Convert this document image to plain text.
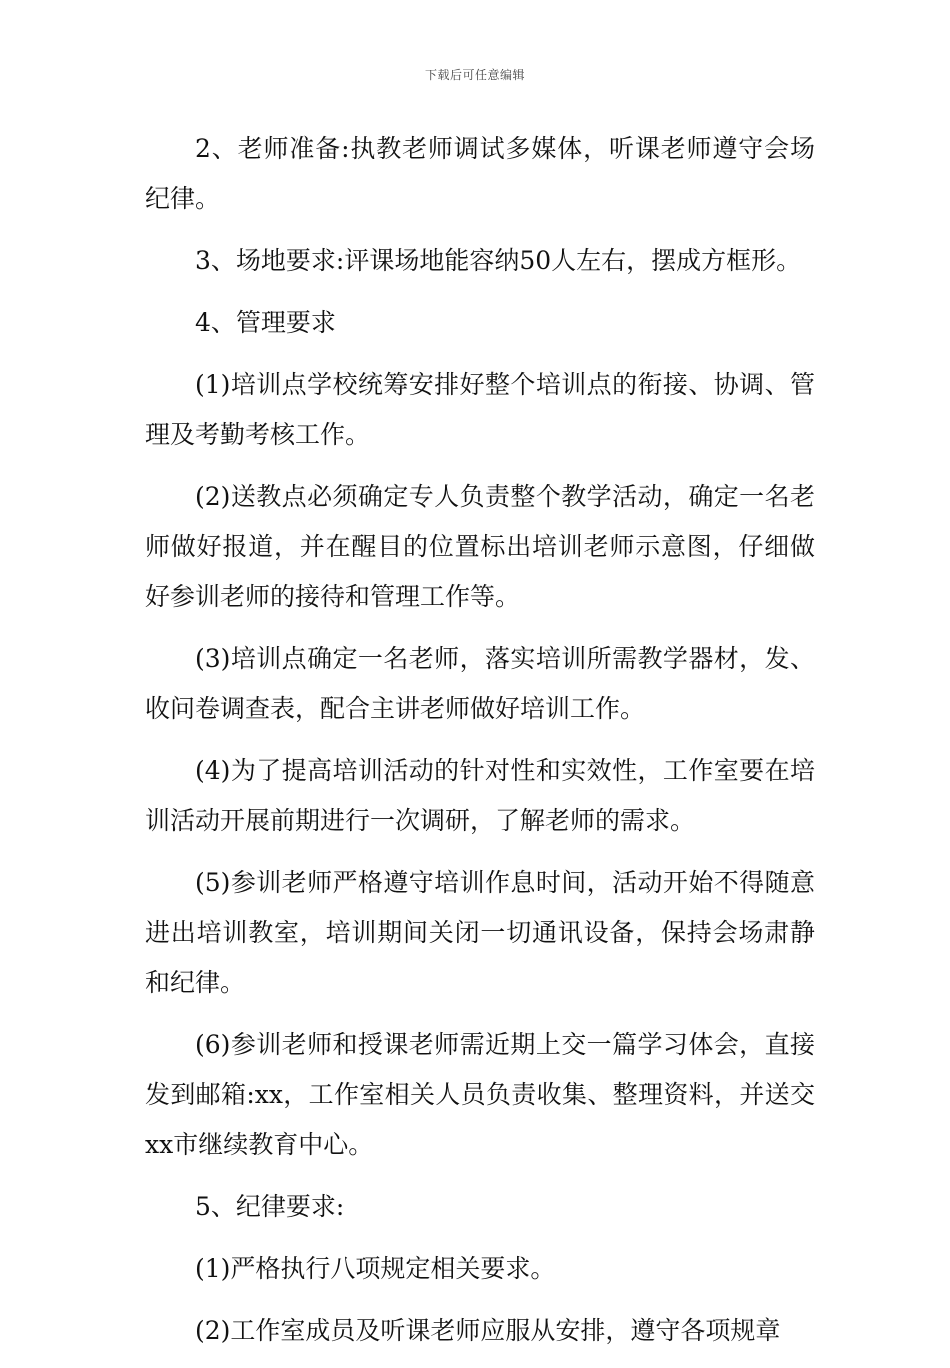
下载后可任意编辑

2、老师准备:执教老师调试多媒体，听课老师遵守会场纪律。

3、场地要求:评课场地能容纳50人左右，摆成方框形。

4、管理要求

(1)培训点学校统筹安排好整个培训点的衔接、协调、管理及考勤考核工作。

(2)送教点必须确定专人负责整个教学活动，确定一名老师做好报道，并在醒目的位置标出培训老师示意图，仔细做好参训老师的接待和管理工作等。

(3)培训点确定一名老师，落实培训所需教学器材，发、收问卷调查表，配合主讲老师做好培训工作。

(4)为了提高培训活动的针对性和实效性，工作室要在培训活动开展前期进行一次调研，了解老师的需求。

(5)参训老师严格遵守培训作息时间，活动开始不得随意进出培训教室，培训期间关闭一切通讯设备，保持会场肃静和纪律。

(6)参训老师和授课老师需近期上交一篇学习体会，直接发到邮箱:xx，工作室相关人员负责收集、整理资料，并送交xx市继续教育中心。

5、纪律要求:

(1)严格执行八项规定相关要求。

(2)工作室成员及听课老师应服从安排，遵守各项规章
